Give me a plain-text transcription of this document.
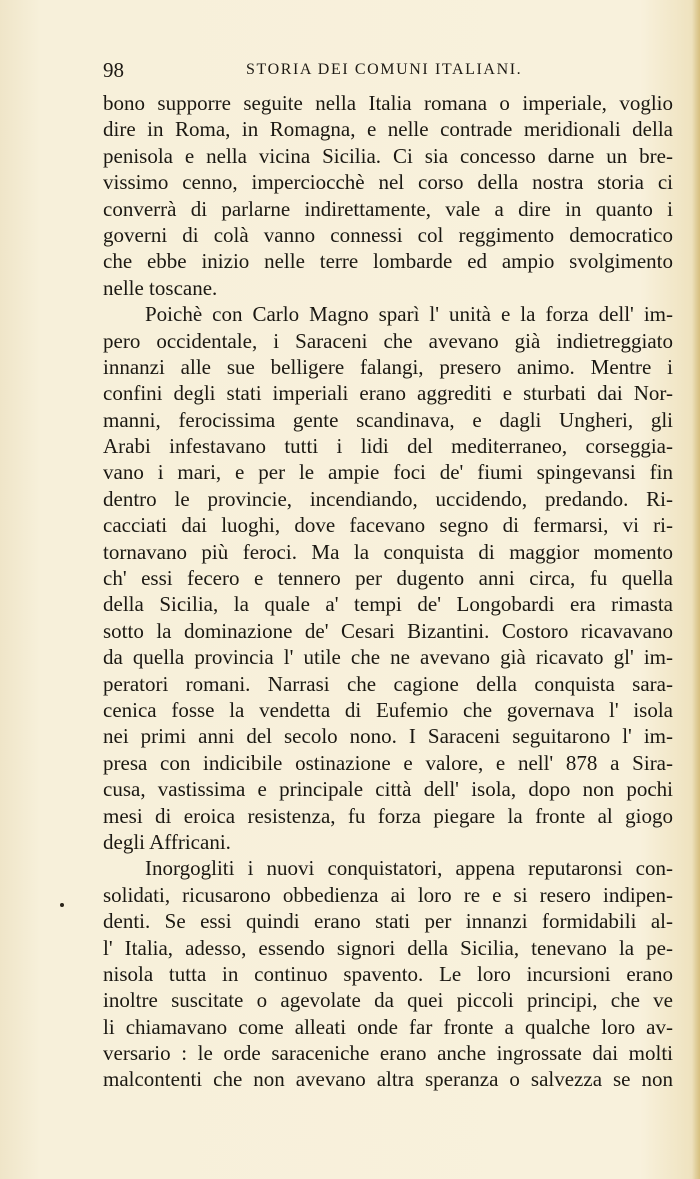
98	STORIA DEI COMUNI ITALIANI.
bono supporre seguite nella Italia romana o imperiale, voglio
dire in Roma, in Romagna, e nelle contrade meridionali della
penisola e nella vicina Sicilia. Ci sia concesso darne un bre-
vissimo cenno, imperciocchè nel corso della nostra storia ci
converrà di parlarne indirettamente, vale a dire in quanto i
governi di colà vanno connessi col reggimento democratico
che ebbe inizio nelle terre lombarde ed ampio svolgimento
nelle toscane.
Poichè con Carlo Magno sparì l' unità e la forza dell' im-
pero occidentale, i Saraceni che avevano già indietreggiato
innanzi alle sue belligere falangi, presero animo. Mentre i
confini degli stati imperiali erano aggrediti e sturbati dai Nor-
manni, ferocissima gente scandinava, e dagli Ungheri, gli
Arabi infestavano tutti i lidi del mediterraneo, corseggia-
vano i mari, e per le ampie foci de' fiumi spingevansi fin
dentro le provincie, incendiando, uccidendo, predando. Ri-
cacciati dai luoghi, dove facevano segno di fermarsi, vi ri-
tornavano più feroci. Ma la conquista di maggior momento
ch' essi fecero e tennero per dugento anni circa, fu quella
della Sicilia, la quale a' tempi de' Longobardi era rimasta
sotto la dominazione de' Cesari Bizantini. Costoro ricavavano
da quella provincia l' utile che ne avevano già ricavato gl' im-
peratori romani. Narrasi che cagione della conquista sara-
cenica fosse la vendetta di Eufemio che governava l' isola
nei primi anni del secolo nono. I Saraceni seguitarono l' im-
presa con indicibile ostinazione e valore, e nell' 878 a Sira-
cusa, vastissima e principale città dell' isola, dopo non pochi
mesi di eroica resistenza, fu forza piegare la fronte al giogo
degli Affricani.
Inorgogliti i nuovi conquistatori, appena reputaronsi con-
solidati, ricusarono obbedienza ai loro re e si resero indipen-
denti. Se essi quindi erano stati per innanzi formidabili al-
l' Italia, adesso, essendo signori della Sicilia, tenevano la pe-
nisola tutta in continuo spavento. Le loro incursioni erano
inoltre suscitate o agevolate da quei piccoli principi, che ve
li chiamavano come alleati onde far fronte a qualche loro av-
versario : le orde saraceniche erano anche ingrossate dai molti
malcontenti che non avevano altra speranza o salvezza se non
